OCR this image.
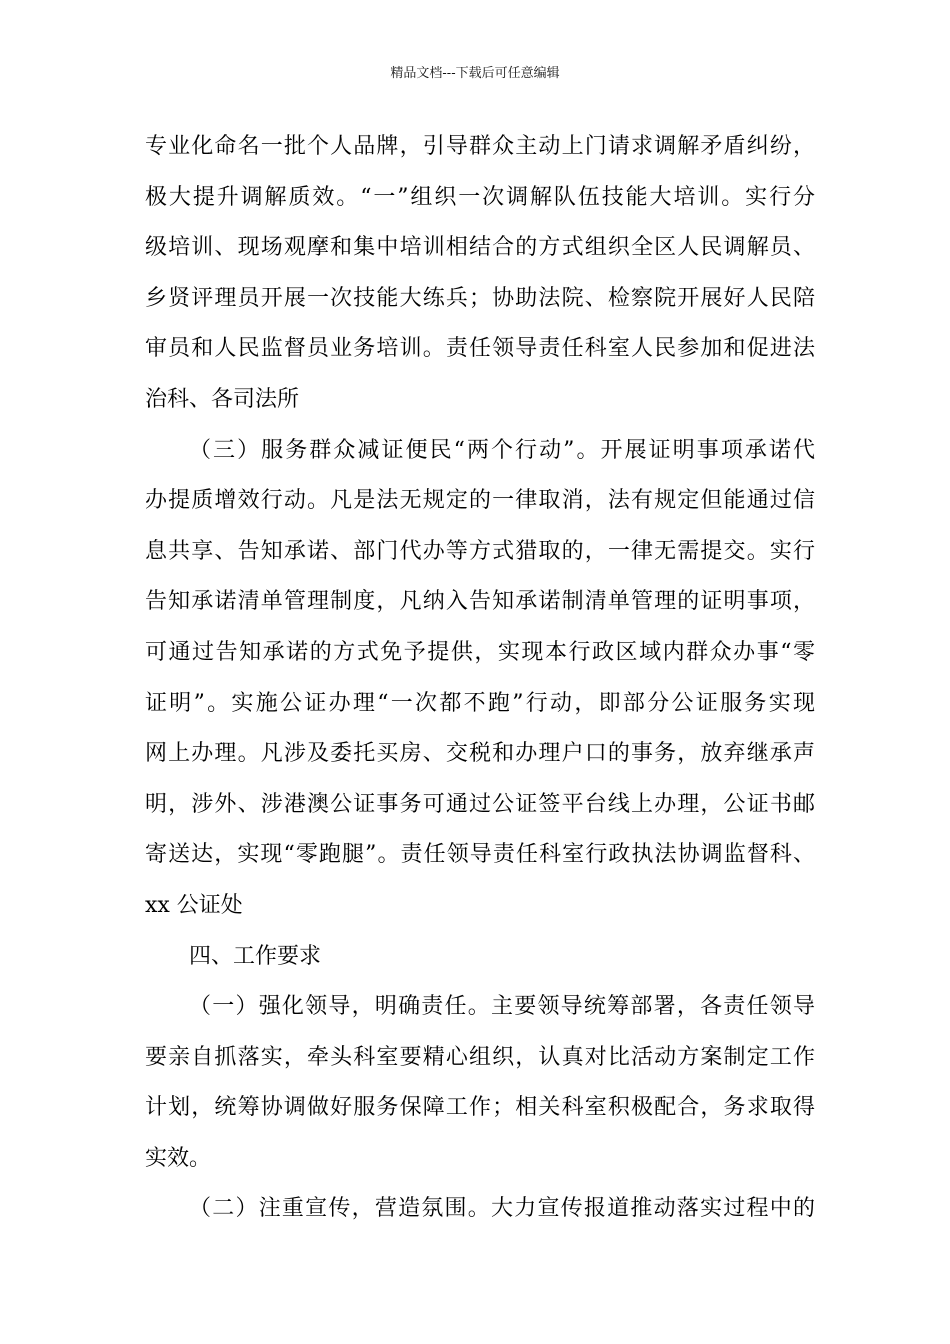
精品文档---下载后可任意编辑
专业化命名一批个人品牌，引导群众主动上门请求调解矛盾纠纷，
极大提升调解质效。“一”组织一次调解队伍技能大培训。实行分
级培训、现场观摩和集中培训相结合的方式组织全区人民调解员、
乡贤评理员开展一次技能大练兵；协助法院、检察院开展好人民陪
审员和人民监督员业务培训。责任领导责任科室人民参加和促进法
治科、各司法所
（三）服务群众减证便民“两个行动”。开展证明事项承诺代
办提质增效行动。凡是法无规定的一律取消，法有规定但能通过信
息共享、告知承诺、部门代办等方式猎取的，一律无需提交。实行
告知承诺清单管理制度，凡纳入告知承诺制清单管理的证明事项，
可通过告知承诺的方式免予提供，实现本行政区域内群众办事“零
证明”。实施公证办理“一次都不跑”行动，即部分公证服务实现
网上办理。凡涉及委托买房、交税和办理户口的事务，放弃继承声
明，涉外、涉港澳公证事务可通过公证签平台线上办理，公证书邮
寄送达，实现“零跑腿”。责任领导责任科室行政执法协调监督科、
xx 公证处
四、工作要求
（一）强化领导，明确责任。主要领导统筹部署，各责任领导
要亲自抓落实，牵头科室要精心组织，认真对比活动方案制定工作
计划，统筹协调做好服务保障工作；相关科室积极配合，务求取得
实效。
（二）注重宣传，营造氛围。大力宣传报道推动落实过程中的
